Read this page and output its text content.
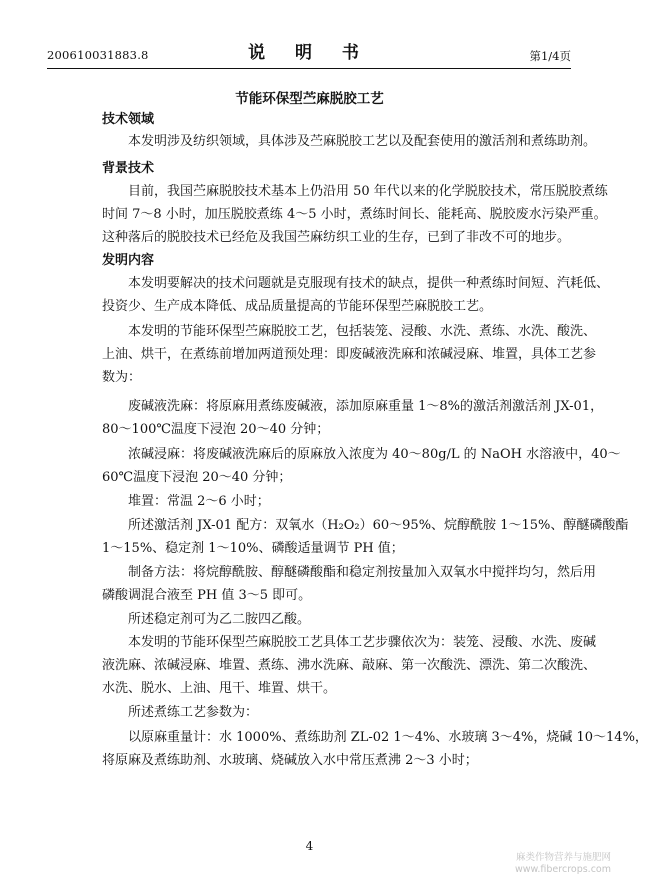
200610031883.8	说 明 书	第1/4页
节能环保型苎麻脱胶工艺
技术领域
本发明涉及纺织领域，具体涉及苎麻脱胶工艺以及配套使用的激活剂和煮练助剂。
背景技术
目前，我国苎麻脱胶技术基本上仍沿用 50 年代以来的化学脱胶技术，常压脱胶煮练
时间 7～8 小时，加压脱胶煮练 4～5 小时，煮练时间长、能耗高、脱胶废水污染严重。
这种落后的脱胶技术已经危及我国苎麻纺织工业的生存，已到了非改不可的地步。
发明内容
本发明要解决的技术问题就是克服现有技术的缺点，提供一种煮练时间短、汽耗低、
投资少、生产成本降低、成品质量提高的节能环保型苎麻脱胶工艺。
本发明的节能环保型苎麻脱胶工艺，包括装笼、浸酸、水洗、煮练、水洗、酸洗、
上油、烘干，在煮练前增加两道预处理：即废碱液洗麻和浓碱浸麻、堆置，具体工艺参
数为：
废碱液洗麻：将原麻用煮练废碱液，添加原麻重量 1～8%的激活剂激活剂 JX-01，
80～100℃温度下浸泡 20～40 分钟；
浓碱浸麻：将废碱液洗麻后的原麻放入浓度为 40～80g/L 的 NaOH 水溶液中，40～
60℃温度下浸泡 20～40 分钟；
堆置：常温 2～6 小时；
所述激活剂 JX-01 配方：双氧水（H₂O₂）60～95%、烷醇酰胺 1～15%、醇醚磷酸酯
1～15%、稳定剂 1～10%、磷酸适量调节 PH 值；
制备方法：将烷醇酰胺、醇醚磷酸酯和稳定剂按量加入双氧水中搅拌均匀，然后用
磷酸调混合液至 PH 值 3～5 即可。
所述稳定剂可为乙二胺四乙酸。
本发明的节能环保型苎麻脱胶工艺具体工艺步骤依次为：装笼、浸酸、水洗、废碱
液洗麻、浓碱浸麻、堆置、煮练、沸水洗麻、敲麻、第一次酸洗、漂洗、第二次酸洗、
水洗、脱水、上油、甩干、堆置、烘干。
所述煮练工艺参数为：
以原麻重量计：水 1000%、煮练助剂 ZL-02 1～4%、水玻璃 3～4%，烧碱 10～14%，
将原麻及煮练助剂、水玻璃、烧碱放入水中常压煮沸 2～3 小时；
4
麻类作物营养与施肥网
www.fibercrops.com
